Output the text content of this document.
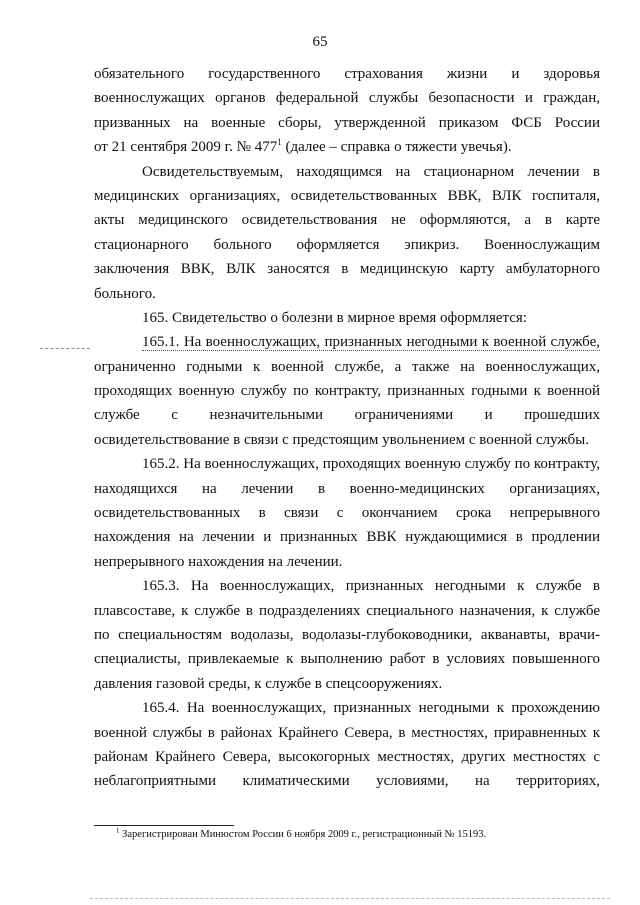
65
обязательного государственного страхования жизни и здоровья
военнослужащих органов федеральной службы безопасности и граждан,
призванных на военные сборы, утвержденной приказом ФСБ России
от 21 сентября 2009 г. № $477^1$ (далее – справка о тяжести увечья).
Освидетельствуемым, находящимся на стационарном лечении в
медицинских организациях, освидетельствованных ВВК, ВЛК госпиталя,
акты медицинского освидетельствования не оформляются, а в карте
стационарного больного оформляется эпикриз. Военнослужащим
заключения ВВК, ВЛК заносятся в медицинскую карту амбулаторного
больного.
165. Свидетельство о болезни в мирное время оформляется:
165.1. На военнослужащих, признанных негодными к военной службе,
ограниченно годными к военной службе, а также на военнослужащих,
проходящих военную службу по контракту, признанных годными к военной
службе с незначительными ограничениями и прошедших
освидетельствование в связи с предстоящим увольнением с военной службы.
165.2. На военнослужащих, проходящих военную службу по контракту,
находящихся на лечении в военно-медицинских организациях,
освидетельствованных в связи с окончанием срока непрерывного
нахождения на лечении и признанных ВВК нуждающимися в продлении
непрерывного нахождения на лечении.
165.3. На военнослужащих, признанных негодными к службе в
плавсоставе, к службе в подразделениях специального назначения, к службе
по специальностям водолазы, водолазы-глубоководники, акванавты, врачи-
специалисты, привлекаемые к выполнению работ в условиях повышенного
давления газовой среды, к службе в спецсооружениях.
165.4. На военнослужащих, признанных негодными к прохождению
военной службы в районах Крайнего Севера, в местностях, приравненных к
районам Крайнего Севера, высокогорных местностях, других местностях с
неблагоприятными климатическими условиями, на территориях,
$^1$ Зарегистрирован Минюстом России 6 ноября 2009 г., регистрационный № 15193.
